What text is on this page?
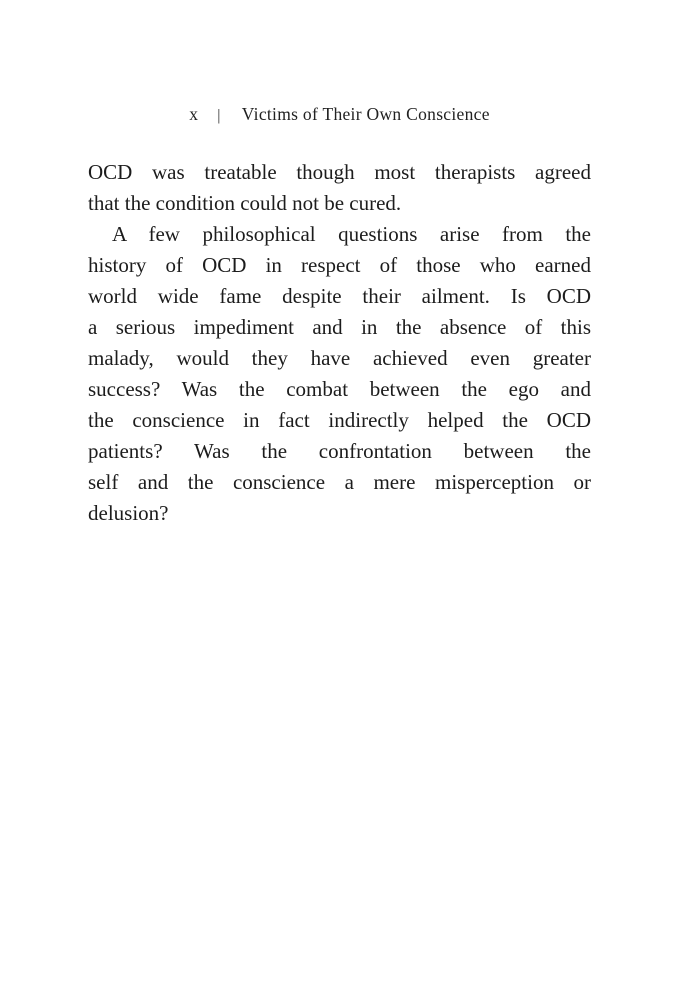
x | Victims of Their Own Conscience
OCD was treatable though most therapists agreed
that the condition could not be cured.
A few philosophical questions arise from the
history of OCD in respect of those who earned
world wide fame despite their ailment. Is OCD
a serious impediment and in the absence of this
malady, would they have achieved even greater
success? Was the combat between the ego and
the conscience in fact indirectly helped the OCD
patients? Was the confrontation between the
self and the conscience a mere misperception or
delusion?
